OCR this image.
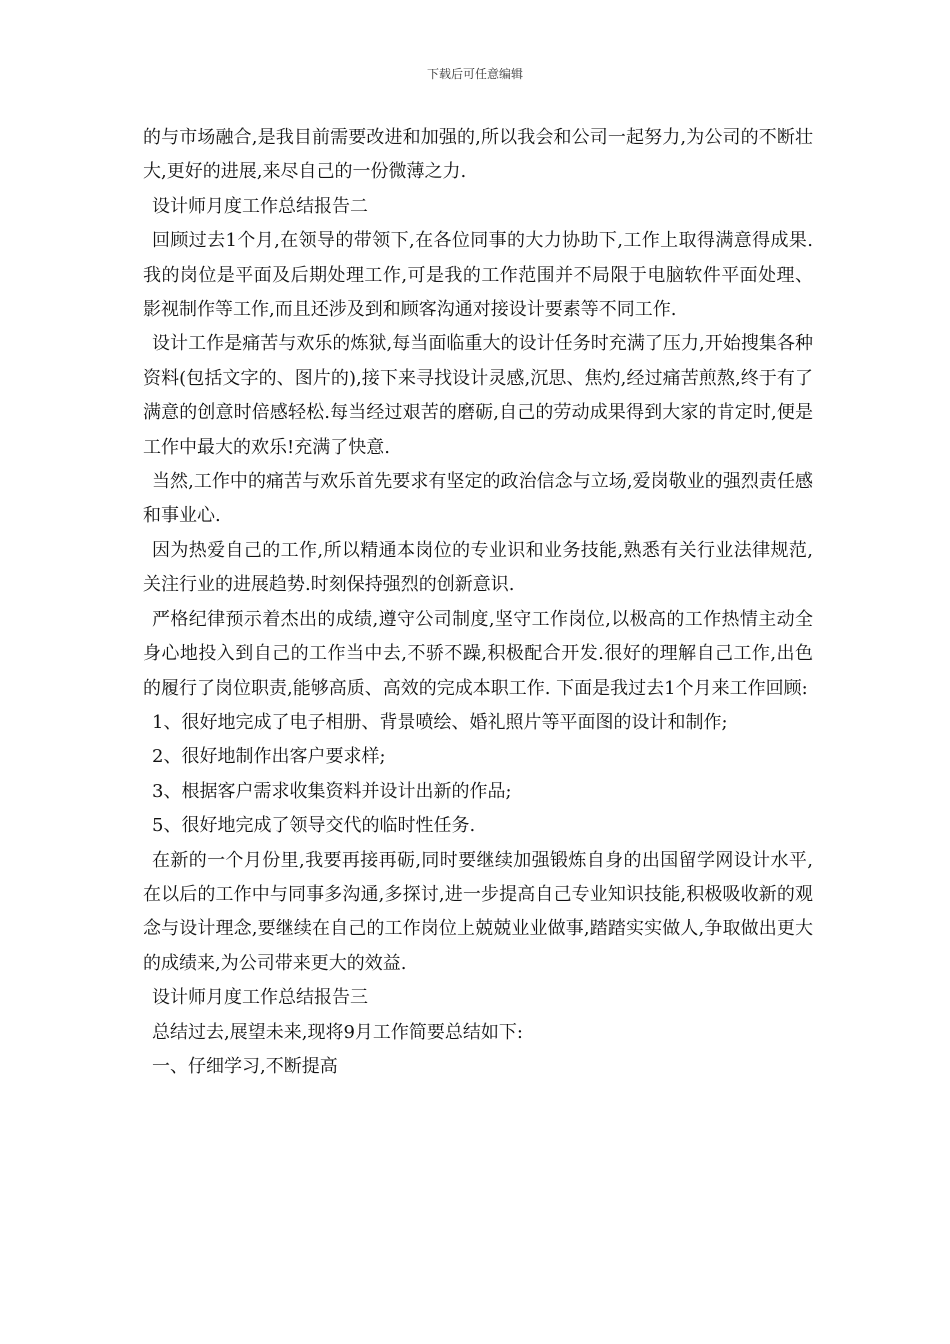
下载后可任意编辑

的与市场融合,是我目前需要改进和加强的,所以我会和公司一起努力,为公司的不断壮大,更好的进展,来尽自己的一份微薄之力.

设计师月度工作总结报告二

回顾过去1个月,在领导的带领下,在各位同事的大力协助下,工作上取得满意得成果.我的岗位是平面及后期处理工作,可是我的工作范围并不局限于电脑软件平面处理、影视制作等工作,而且还涉及到和顾客沟通对接设计要素等不同工作.

设计工作是痛苦与欢乐的炼狱,每当面临重大的设计任务时充满了压力,开始搜集各种资料(包括文字的、图片的),接下来寻找设计灵感,沉思、焦灼,经过痛苦煎熬,终于有了满意的创意时倍感轻松.每当经过艰苦的磨砺,自己的劳动成果得到大家的肯定时,便是工作中最大的欢乐!充满了快意.

当然,工作中的痛苦与欢乐首先要求有坚定的政治信念与立场,爱岗敬业的强烈责任感和事业心.

因为热爱自己的工作,所以精通本岗位的专业识和业务技能,熟悉有关行业法律规范,关注行业的进展趋势.时刻保持强烈的创新意识.

严格纪律预示着杰出的成绩,遵守公司制度,坚守工作岗位,以极高的工作热情主动全身心地投入到自己的工作当中去,不骄不躁,积极配合开发.很好的理解自己工作,出色的履行了岗位职责,能够高质、高效的完成本职工作. 下面是我过去1个月来工作回顾:

1、很好地完成了电子相册、背景喷绘、婚礼照片等平面图的设计和制作;

2、很好地制作出客户要求样;

3、根据客户需求收集资料并设计出新的作品;

5、很好地完成了领导交代的临时性任务.

在新的一个月份里,我要再接再砺,同时要继续加强锻炼自身的出国留学网设计水平,在以后的工作中与同事多沟通,多探讨,进一步提高自己专业知识技能,积极吸收新的观念与设计理念,要继续在自己的工作岗位上兢兢业业做事,踏踏实实做人,争取做出更大的成绩来,为公司带来更大的效益.

设计师月度工作总结报告三

总结过去,展望未来,现将9月工作简要总结如下:

一、仔细学习,不断提高
